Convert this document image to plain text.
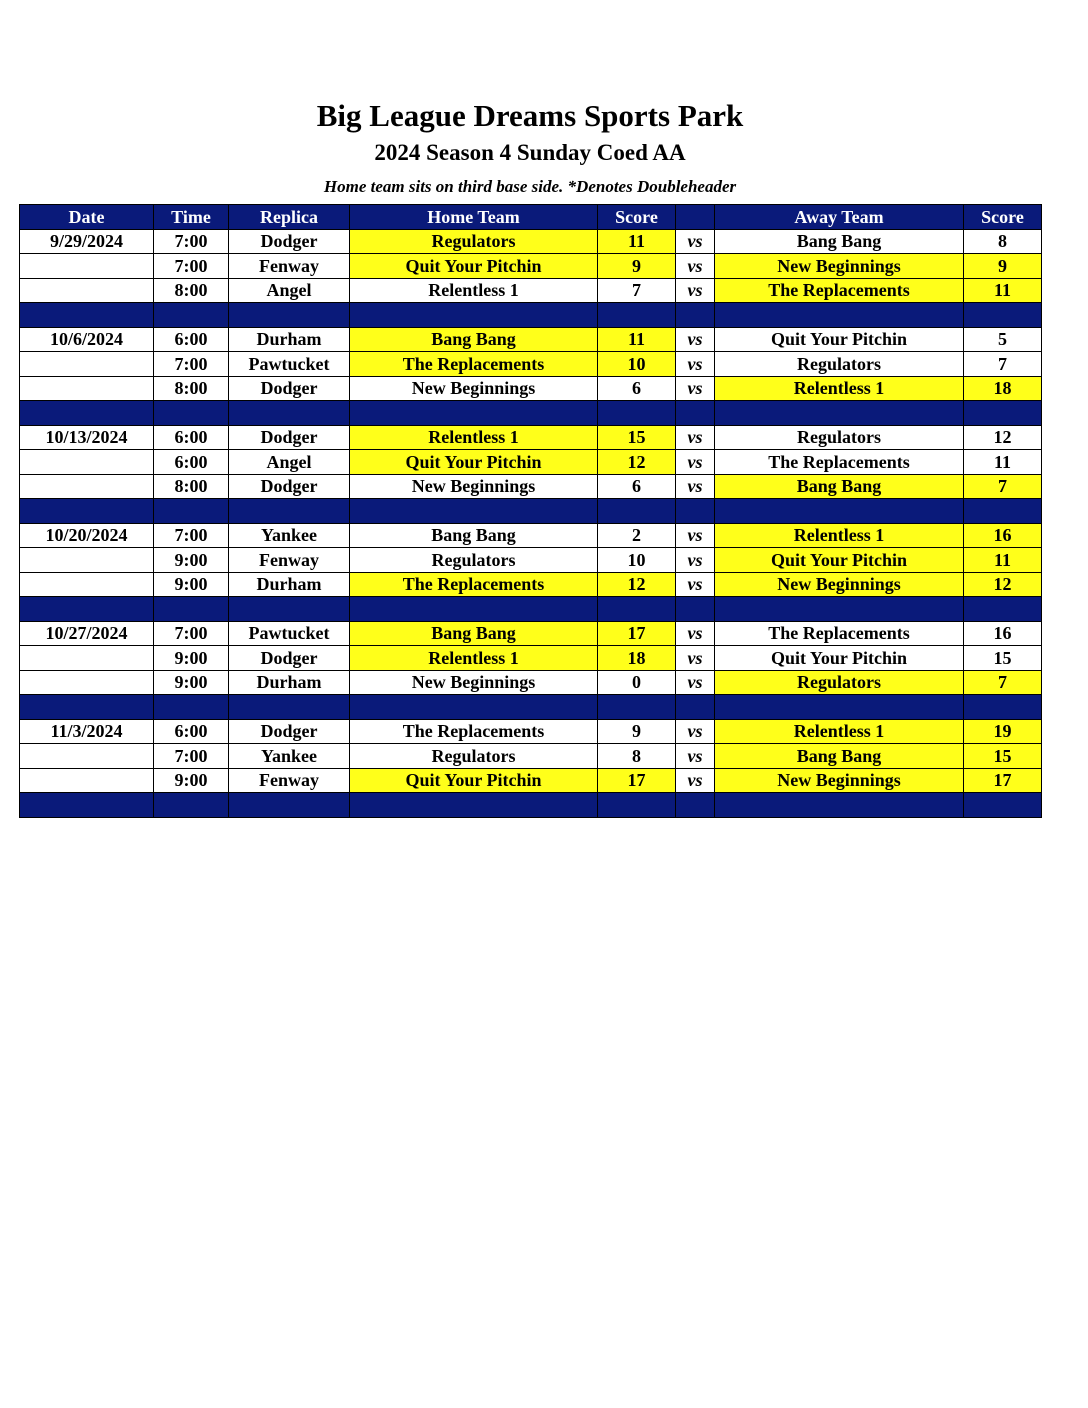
Big League Dreams Sports Park
2024 Season 4 Sunday Coed AA
Home team sits on third base side. *Denotes Doubleheader
Date	Time	Replica	Home Team	Score		Away Team	Score
9/29/2024	7:00	Dodger	Regulators	11	vs	Bang Bang	8
	7:00	Fenway	Quit Your Pitchin	9	vs	New Beginnings	9
	8:00	Angel	Relentless 1	7	vs	The Replacements	11

10/6/2024	6:00	Durham	Bang Bang	11	vs	Quit Your Pitchin	5
	7:00	Pawtucket	The Replacements	10	vs	Regulators	7
	8:00	Dodger	New Beginnings	6	vs	Relentless 1	18

10/13/2024	6:00	Dodger	Relentless 1	15	vs	Regulators	12
	6:00	Angel	Quit Your Pitchin	12	vs	The Replacements	11
	8:00	Dodger	New Beginnings	6	vs	Bang Bang	7

10/20/2024	7:00	Yankee	Bang Bang	2	vs	Relentless 1	16
	9:00	Fenway	Regulators	10	vs	Quit Your Pitchin	11
	9:00	Durham	The Replacements	12	vs	New Beginnings	12

10/27/2024	7:00	Pawtucket	Bang Bang	17	vs	The Replacements	16
	9:00	Dodger	Relentless 1	18	vs	Quit Your Pitchin	15
	9:00	Durham	New Beginnings	0	vs	Regulators	7

11/3/2024	6:00	Dodger	The Replacements	9	vs	Relentless 1	19
	7:00	Yankee	Regulators	8	vs	Bang Bang	15
	9:00	Fenway	Quit Your Pitchin	17	vs	New Beginnings	17
